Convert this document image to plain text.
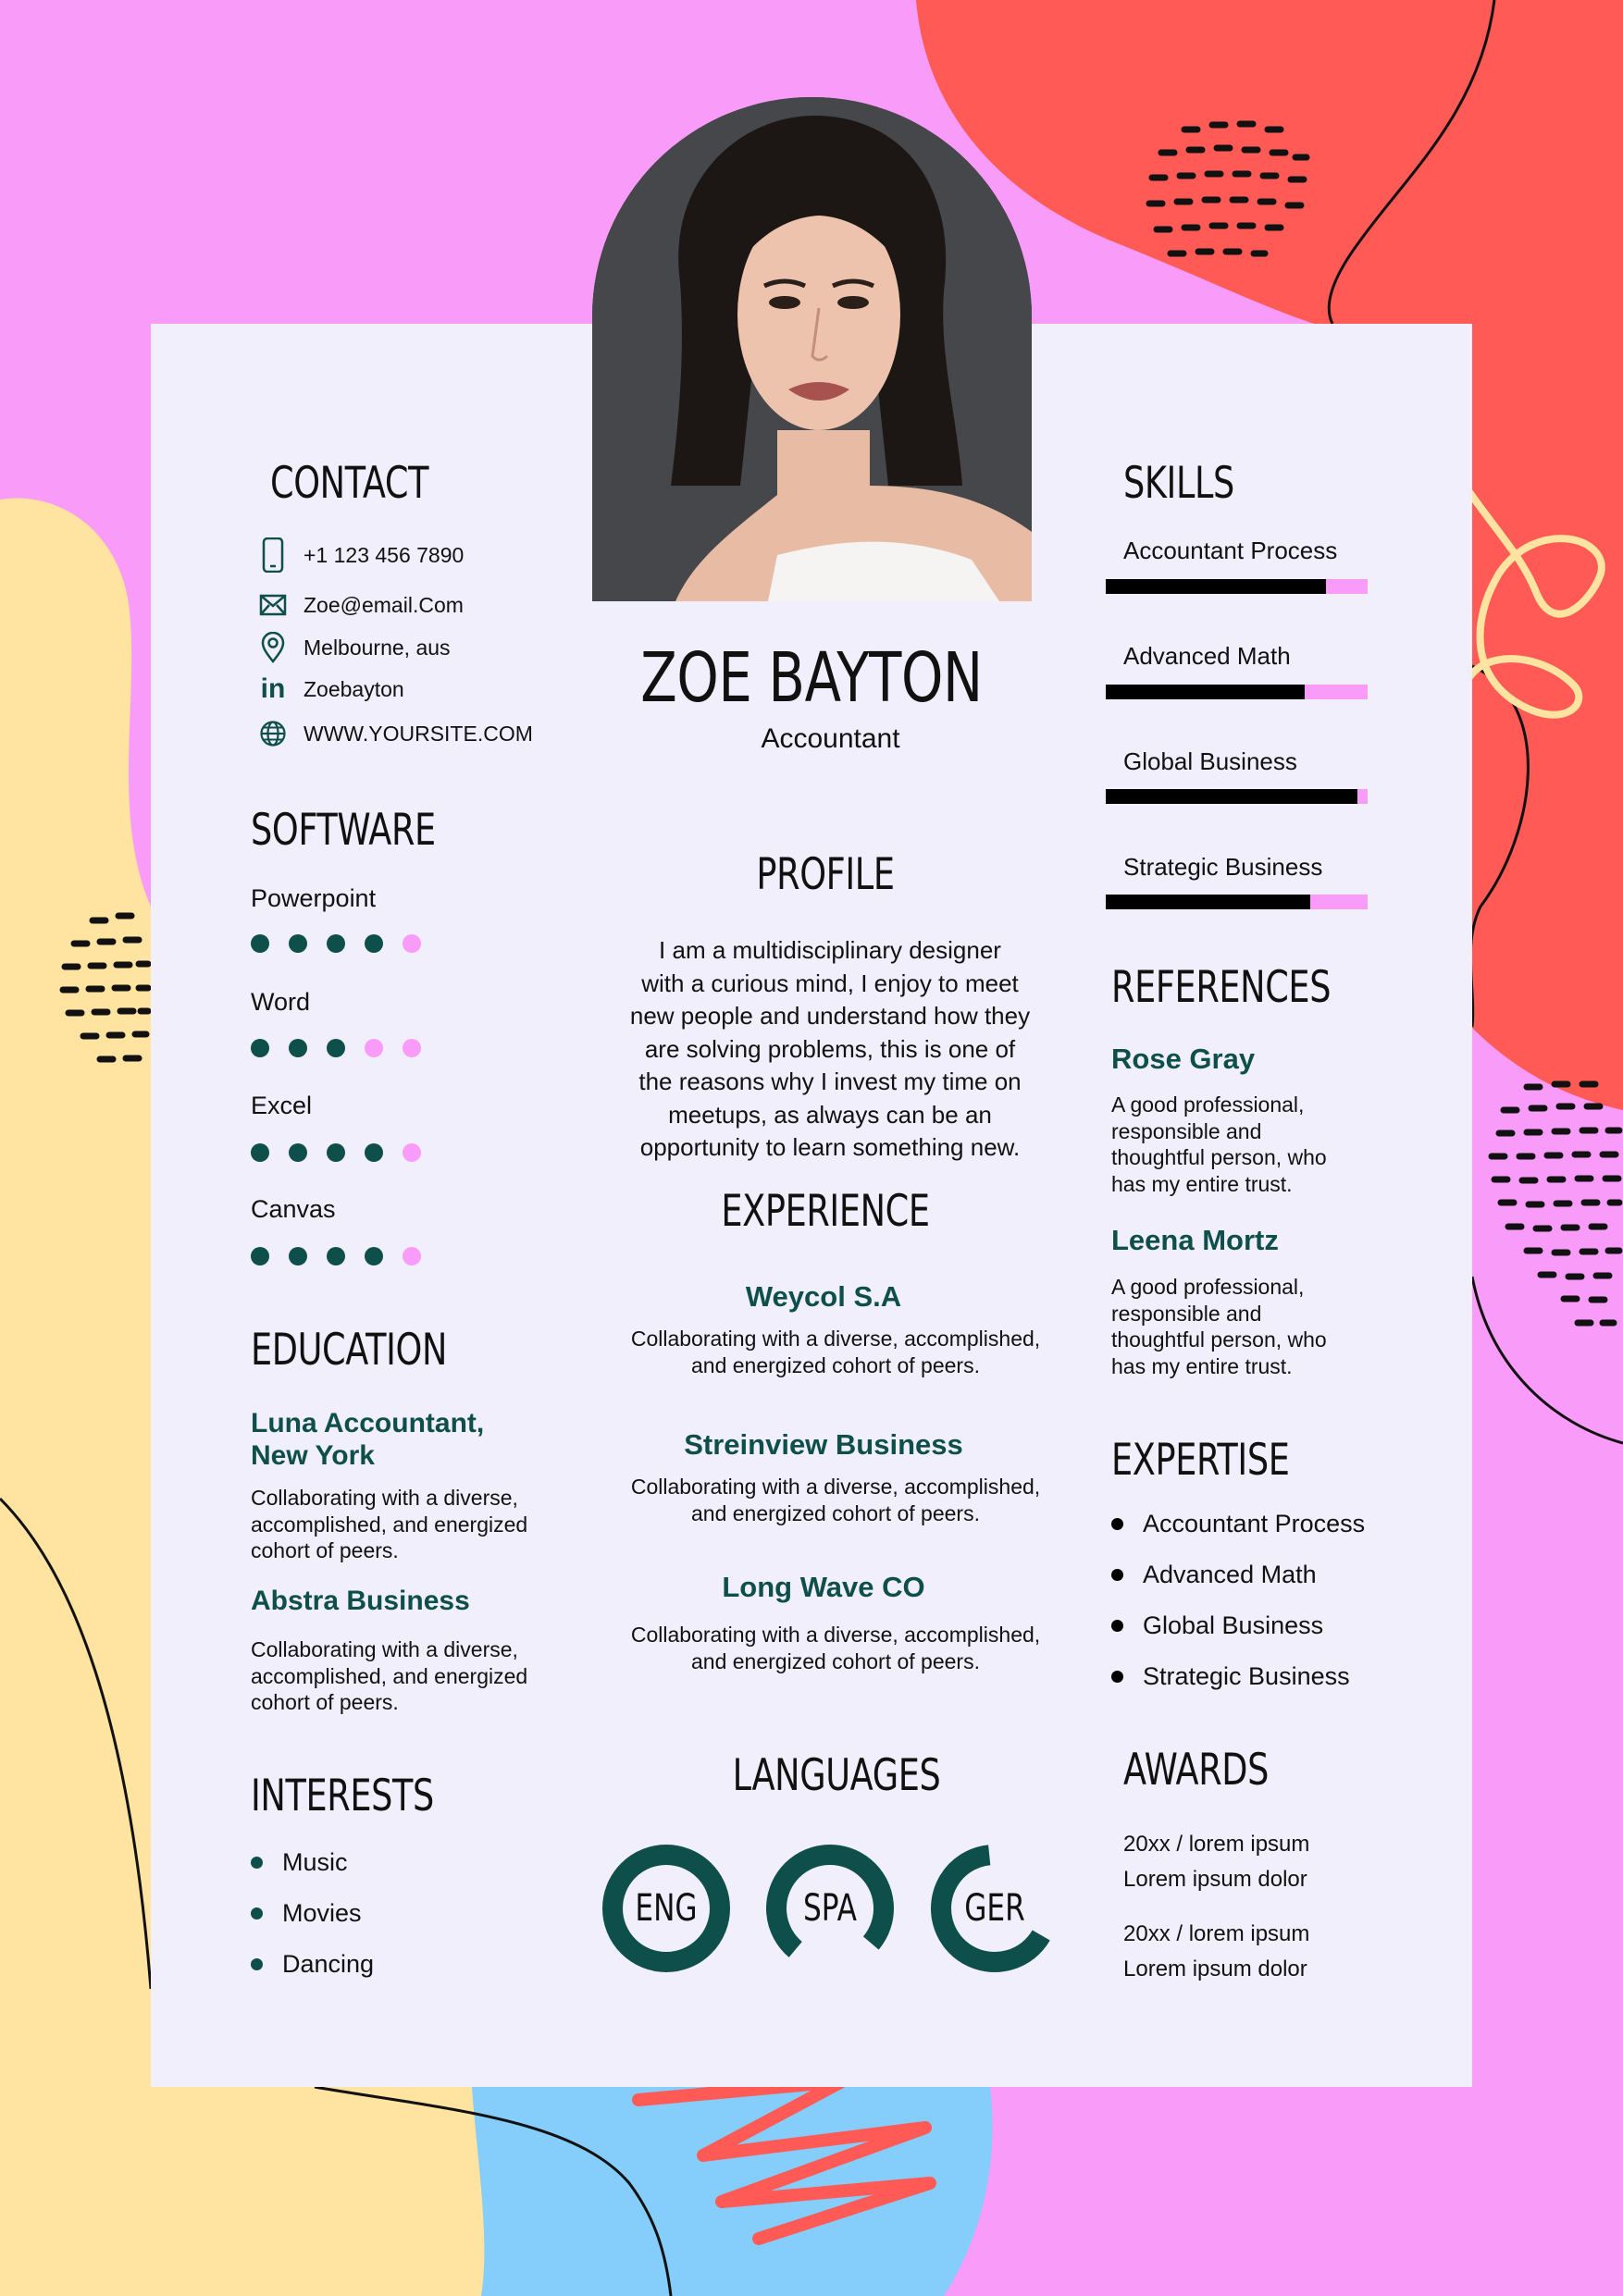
ZOE BAYTON
Accountant
CONTACT
+1 123 456 7890
Zoe@email.Com
Melbourne, aus
in Zoebayton
WWW.YOURSITE.COM
SOFTWARE
Powerpoint
Word
Excel
Canvas
EDUCATION
Luna Accountant,
New York
Collaborating with a diverse,
accomplished, and energized
cohort of peers.
Abstra Business
Collaborating with a diverse,
accomplished, and energized
cohort of peers.
INTERESTS
Music
Movies
Dancing
PROFILE
I am a multidisciplinary designer
with a curious mind, I enjoy to meet
new people and understand how they
are solving problems, this is one of
the reasons why I invest my time on
meetups, as always can be an
opportunity to learn something new.
EXPERIENCE
Weycol S.A
Collaborating with a diverse, accomplished,
and energized cohort of peers.
Streinview Business
Collaborating with a diverse, accomplished,
and energized cohort of peers.
Long Wave CO
Collaborating with a diverse, accomplished,
and energized cohort of peers.
LANGUAGES
ENG	SPA	GER
SKILLS
Accountant Process
Advanced Math
Global Business
Strategic Business
REFERENCES
Rose Gray
A good professional,
responsible and
thoughtful person, who
has my entire trust.
Leena Mortz
A good professional,
responsible and
thoughtful person, who
has my entire trust.
EXPERTISE
Accountant Process
Advanced Math
Global Business
Strategic Business
AWARDS
20xx / lorem ipsum
Lorem ipsum dolor
20xx / lorem ipsum
Lorem ipsum dolor
